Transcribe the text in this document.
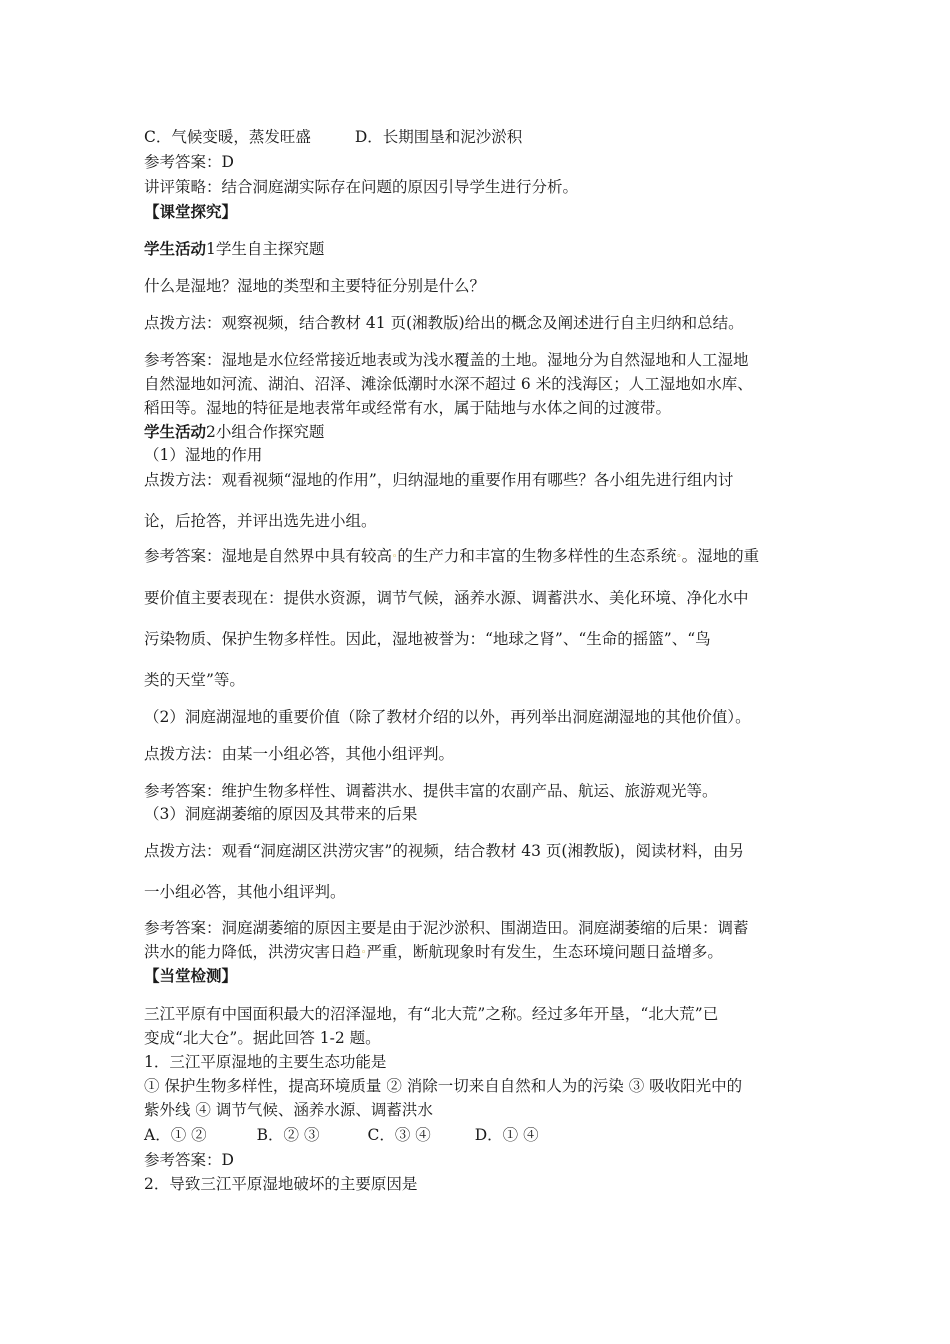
C．气候变暖，蒸发旺盛	D．长期围垦和泥沙淤积
参考答案：D
讲评策略：结合洞庭湖实际存在问题的原因引导学生进行分析。
【课堂探究】
学生活动1学生自主探究题
什么是湿地？湿地的类型和主要特征分别是什么？
点拨方法：观察视频，结合教材 41 页(湘教版)给出的概念及阐述进行自主归纳和总结。
参考答案：湿地是水位经常接近地表或为浅水覆盖的土地。湿地分为自然湿地和人工湿地
自然湿地如河流、湖泊、沼泽、滩涂低潮时水深不超过 6 米的浅海区；人工湿地如水库、
稻田等。湿地的特征是地表常年或经常有水，属于陆地与水体之间的过渡带。
学生活动2小组合作探究题
（1）湿地的作用
点拨方法：观看视频“湿地的作用”，归纳湿地的重要作用有哪些？各小组先进行组内讨
论，后抢答，并评出选先进小组。
参考答案：湿地是自然界中具有较高◦的生产力和丰富的生物多样性的生态系统◦。湿地的重
要价值主要表现在：提供水资源，调节气候，涵养水源、调蓄洪水、美化环境、净化水中
污染物质、保护生物多样性。因此，湿地被誉为：“地球之肾”、“生命的摇篮”、“鸟
类的天堂”等。
（2）洞庭湖湿地的重要价值（除了教材介绍的以外，再列举出洞庭湖湿地的其他价值）。
点拨方法：由某一小组必答，其他小组评判。
参考答案：维护生物多样性、调蓄洪水、提供丰富的农副产品、航运、旅游观光等。
（3）洞庭湖萎缩的原因及其带来的后果
点拨方法：观看“洞庭湖区洪涝灾害”的视频，结合教材 43 页(湘教版)，阅读材料，由另
一小组必答，其他小组评判。
参考答案：洞庭湖萎缩的原因主要是由于泥沙淤积、围湖造田。洞庭湖萎缩的后果：调蓄
洪水的能力降低，洪涝灾害日趋◦严重，断航现象时有发生，生态环境问题日益增多。
【当堂检测】
三江平原有中国面积最大的沼泽湿地，有“北大荒”之称。经过多年开垦，“北大荒”已
变成“北大仓”。据此回答 1-2 题。
1．三江平原湿地的主要生态功能是
① 保护生物多样性，提高环境质量 ② 消除一切来自自然和人为的污染 ③ 吸收阳光中的
紫外线 ④ 调节气候、涵养水源、调蓄洪水
A．① ②	B．② ③	C．③ ④	D．① ④
参考答案：D
2．导致三江平原湿地破坏的主要原因是
